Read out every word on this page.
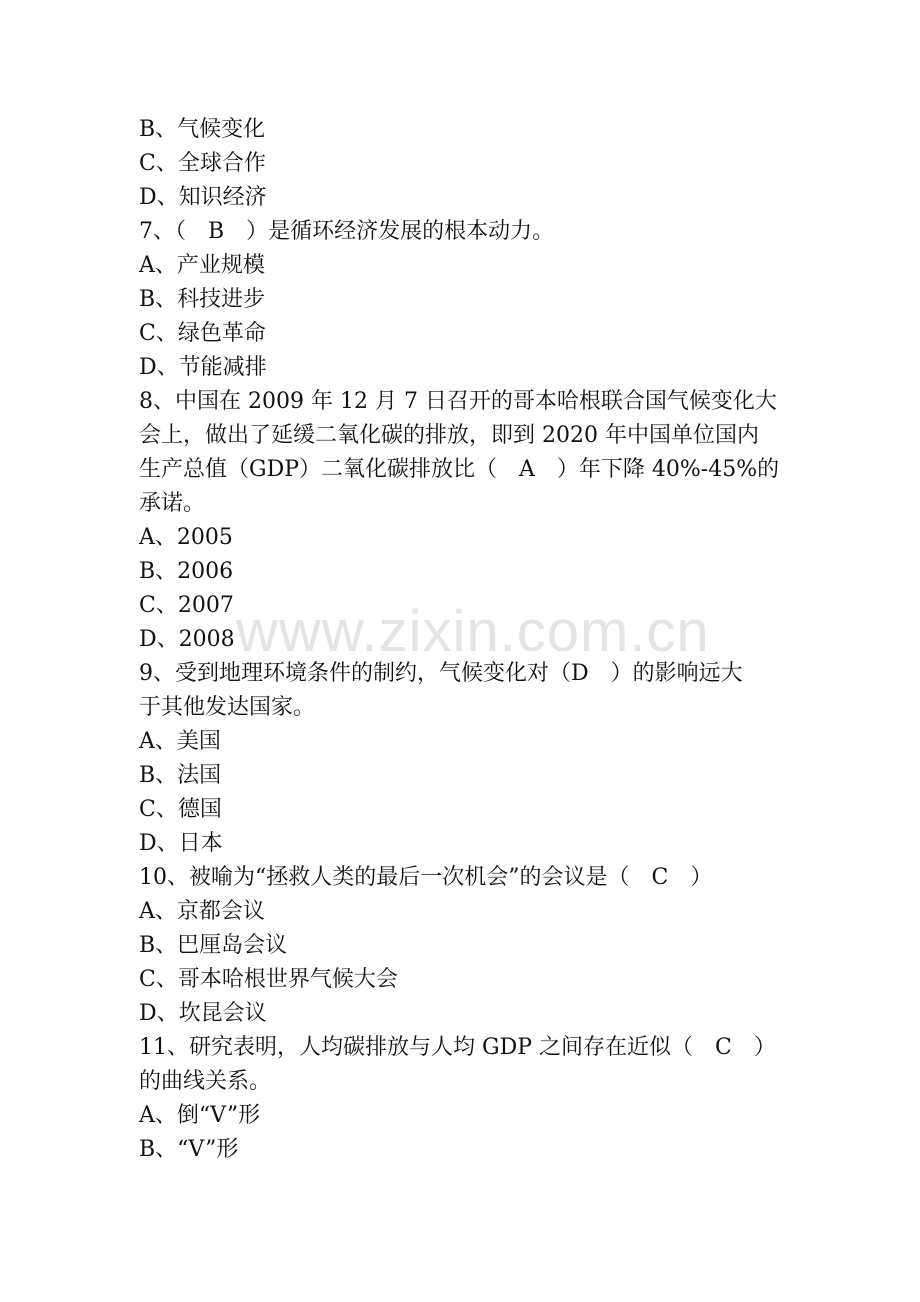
B、气候变化
C、全球合作
D、知识经济
7、（　B　）是循环经济发展的根本动力。
A、产业规模
B、科技进步
C、绿色革命
D、节能减排
8、中国在 2009 年 12 月 7 日召开的哥本哈根联合国气候变化大
会上，做出了延缓二氧化碳的排放，即到 2020 年中国单位国内
生产总值（GDP）二氧化碳排放比（　A　）年下降 40%-45%的
承诺。
A、2005
B、2006
C、2007
D、2008
9、受到地理环境条件的制约，气候变化对（D　）的影响远大
于其他发达国家。
A、美国
B、法国
C、德国
D、日本
10、被喻为“拯救人类的最后一次机会”的会议是（　C　）
A、京都会议
B、巴厘岛会议
C、哥本哈根世界气候大会
D、坎昆会议
11、研究表明，人均碳排放与人均 GDP 之间存在近似（　C　）
的曲线关系。
A、倒“V”形
B、“V”形
www.zixin.com.cn
